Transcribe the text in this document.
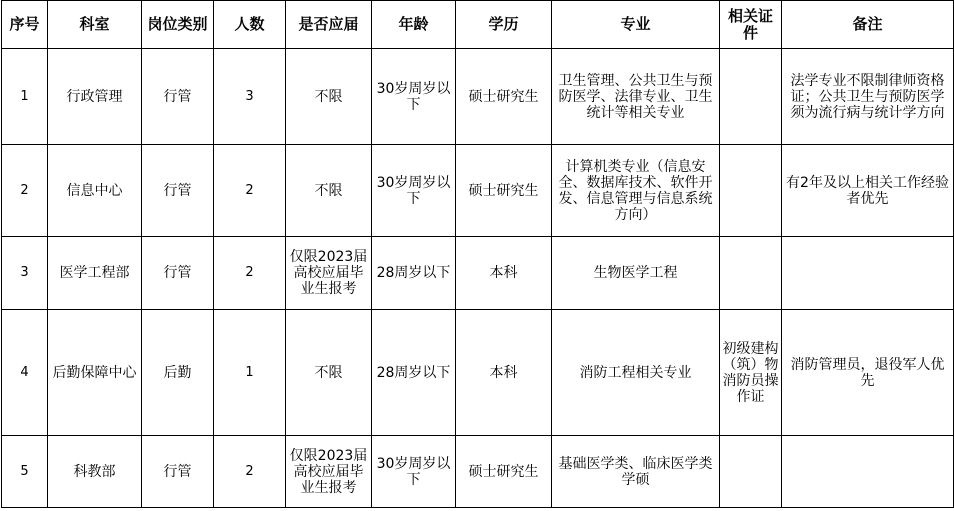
序号	科室	岗位类别	人数	是否应届	年龄	学历	专业	相关证件	备注
1	行政管理	行管	3	不限	30岁周岁以下	硕士研究生	卫生管理、公共卫生与预防医学、法律专业、卫生统计等相关专业		法学专业不限制律师资格证；公共卫生与预防医学须为流行病与统计学方向
2	信息中心	行管	2	不限	30岁周岁以下	硕士研究生	计算机类专业（信息安全、数据库技术、软件开发、信息管理与信息系统方向）		有2年及以上相关工作经验者优先
3	医学工程部	行管	2	仅限2023届高校应届毕业生报考	28周岁以下	本科	生物医学工程		
4	后勤保障中心	后勤	1	不限	28周岁以下	本科	消防工程相关专业	初级建构（筑）物消防员操作证	消防管理员，退役军人优先
5	科教部	行管	2	仅限2023届高校应届毕业生报考	30岁周岁以下	硕士研究生	基础医学类、临床医学类学硕		
